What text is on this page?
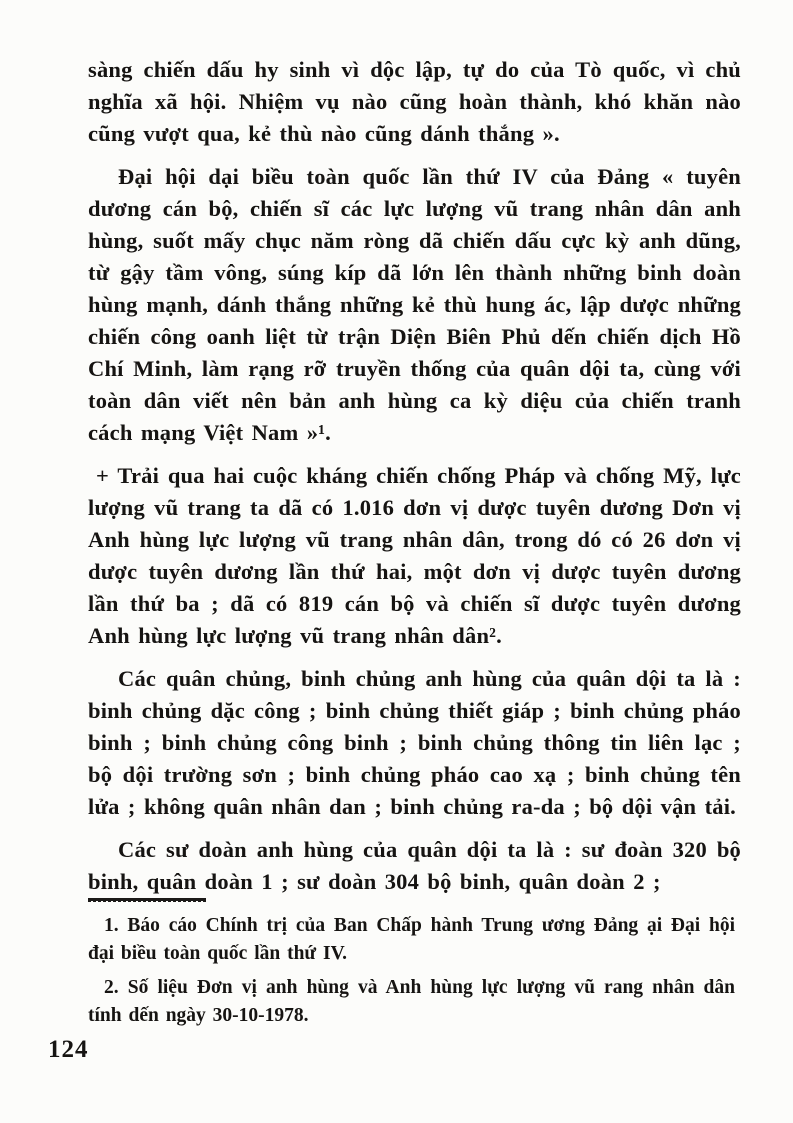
sàng chiến dấu hy sinh vì dộc lập, tự do của Tò quốc, vì chủ nghĩa xã hội. Nhiệm vụ nào cũng hoàn thành, khó khăn nào cũng vượt qua, kẻ thù nào cũng dánh thắng ».

Đại hội dại biều toàn quốc lần thứ IV của Đảng « tuyên dương cán bộ, chiến sĩ các lực lượng vũ trang nhân dân anh hùng, suốt mấy chục năm ròng dã chiến dấu cực kỳ anh dũng, từ gậy tầm vông, súng kíp dã lớn lên thành những binh doàn hùng mạnh, dánh thắng những kẻ thù hung ác, lập dược những chiến công oanh liệt từ trận Diện Biên Phủ dến chiến dịch Hồ Chí Minh, làm rạng rỡ truyền thống của quân dội ta, cùng với toàn dân viết nên bản anh hùng ca kỳ diệu của chiến tranh cách mạng Việt Nam »¹.

+ Trải qua hai cuộc kháng chiến chống Pháp và chống Mỹ, lực lượng vũ trang ta dã có 1.016 dơn vị dược tuyên dương Dơn vị Anh hùng lực lượng vũ trang nhân dân, trong dó có 26 dơn vị dược tuyên dương lần thứ hai, một dơn vị dược tuyên dương lần thứ ba ; dã có 819 cán bộ và chiến sĩ dược tuyên dương Anh hùng lực lượng vũ trang nhân dân².

Các quân chủng, binh chủng anh hùng của quân dội ta là : binh chủng dặc công ; binh chủng thiết giáp ; binh chủng pháo binh ; binh chủng công binh ; binh chủng thông tin liên lạc ; bộ dội trường sơn ; binh chủng pháo cao xạ ; binh chủng tên lửa ; không quân nhân dan ; binh chủng ra-da ; bộ dội vận tải.

Các sư doàn anh hùng của quân dội ta là : sư đoàn 320 bộ binh, quân doàn 1 ; sư doàn 304 bộ binh, quân doàn 2 ;

1. Báo cáo Chính trị của Ban Chấp hành Trung ương Đảng ại Đại hội đại biều toàn quốc lần thứ IV.

2. Số liệu Đơn vị anh hùng và Anh hùng lực lượng vũ rang nhân dân tính dến ngày 30-10-1978.

124
